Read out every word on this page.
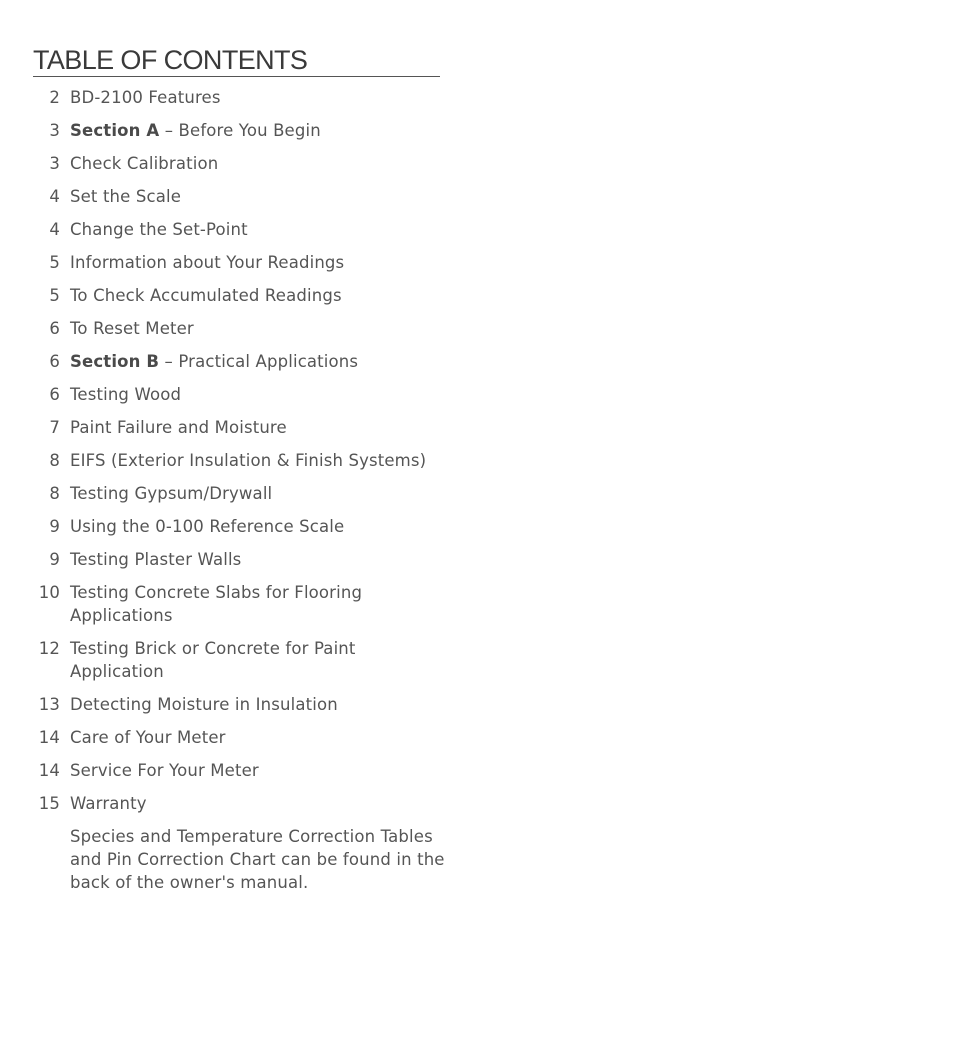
TABLE OF CONTENTS
2 BD-2100 Features
3 Section A – Before You Begin
3 Check Calibration
4 Set the Scale
4 Change the Set-Point
5 Information about Your Readings
5 To Check Accumulated Readings
6 To Reset Meter
6 Section B – Practical Applications
6 Testing Wood
7 Paint Failure and Moisture
8 EIFS (Exterior Insulation & Finish Systems)
8 Testing Gypsum/Drywall
9 Using the 0-100 Reference Scale
9 Testing Plaster Walls
10 Testing Concrete Slabs for Flooring Applications
12 Testing Brick or Concrete for Paint Application
13 Detecting Moisture in Insulation
14 Care of Your Meter
14 Service For Your Meter
15 Warranty
Species and Temperature Correction Tables and Pin Correction Chart can be found in the back of the owner's manual.
